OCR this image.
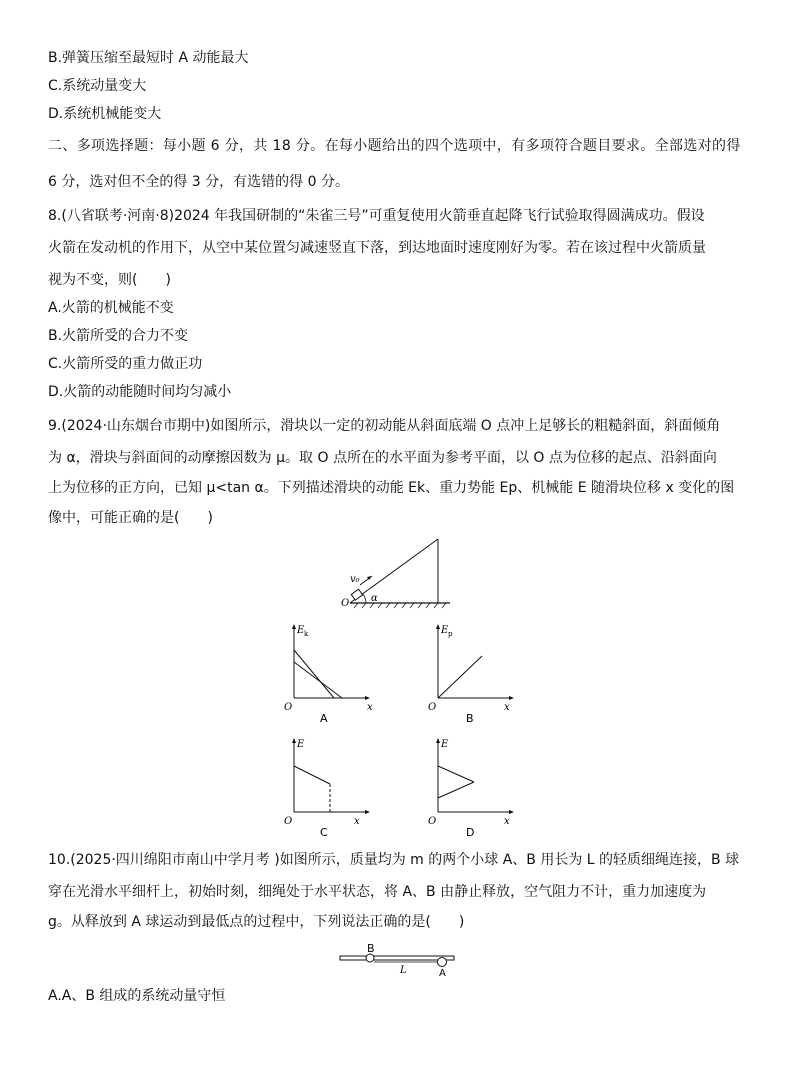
B.弹簧压缩至最短时 A 动能最大
C.系统动量变大
D.系统机械能变大
二、多项选择题：每小题 6 分，共 18 分。在每小题给出的四个选项中，有多项符合题目要求。全部选对的得
6 分，选对但不全的得 3 分，有选错的得 0 分。
8.(八省联考·河南·8)2024 年我国研制的“朱雀三号”可重复使用火箭垂直起降飞行试验取得圆满成功。假设
火箭在发动机的作用下，从空中某位置匀减速竖直下落，到达地面时速度刚好为零。若在该过程中火箭质量
视为不变，则(　　)
A.火箭的机械能不变
B.火箭所受的合力不变
C.火箭所受的重力做正功
D.火箭的动能随时间均匀减小
9.(2024·山东烟台市期中)如图所示，滑块以一定的初动能从斜面底端 O 点冲上足够长的粗糙斜面，斜面倾角
为 α，滑块与斜面间的动摩擦因数为 μ。取 O 点所在的水平面为参考平面，以 O 点为位移的起点、沿斜面向
上为位移的正方向，已知 μ<tan α。下列描述滑块的动能 Ek、重力势能 Ep、机械能 E 随滑块位移 x 变化的图
像中，可能正确的是(　　)
v₀
O α
E k
O	x
A
E p
O	x
B
E
O	x
C
E
O	x
D
10.(2025·四川绵阳市南山中学月考 )如图所示，质量均为 m 的两个小球 A、B 用长为 L 的轻质细绳连接，B 球
穿在光滑水平细杆上，初始时刻，细绳处于水平状态，将 A、B 由静止释放，空气阻力不计，重力加速度为
g。从释放到 A 球运动到最低点的过程中，下列说法正确的是(　　)
B
L	A
A.A、B 组成的系统动量守恒
